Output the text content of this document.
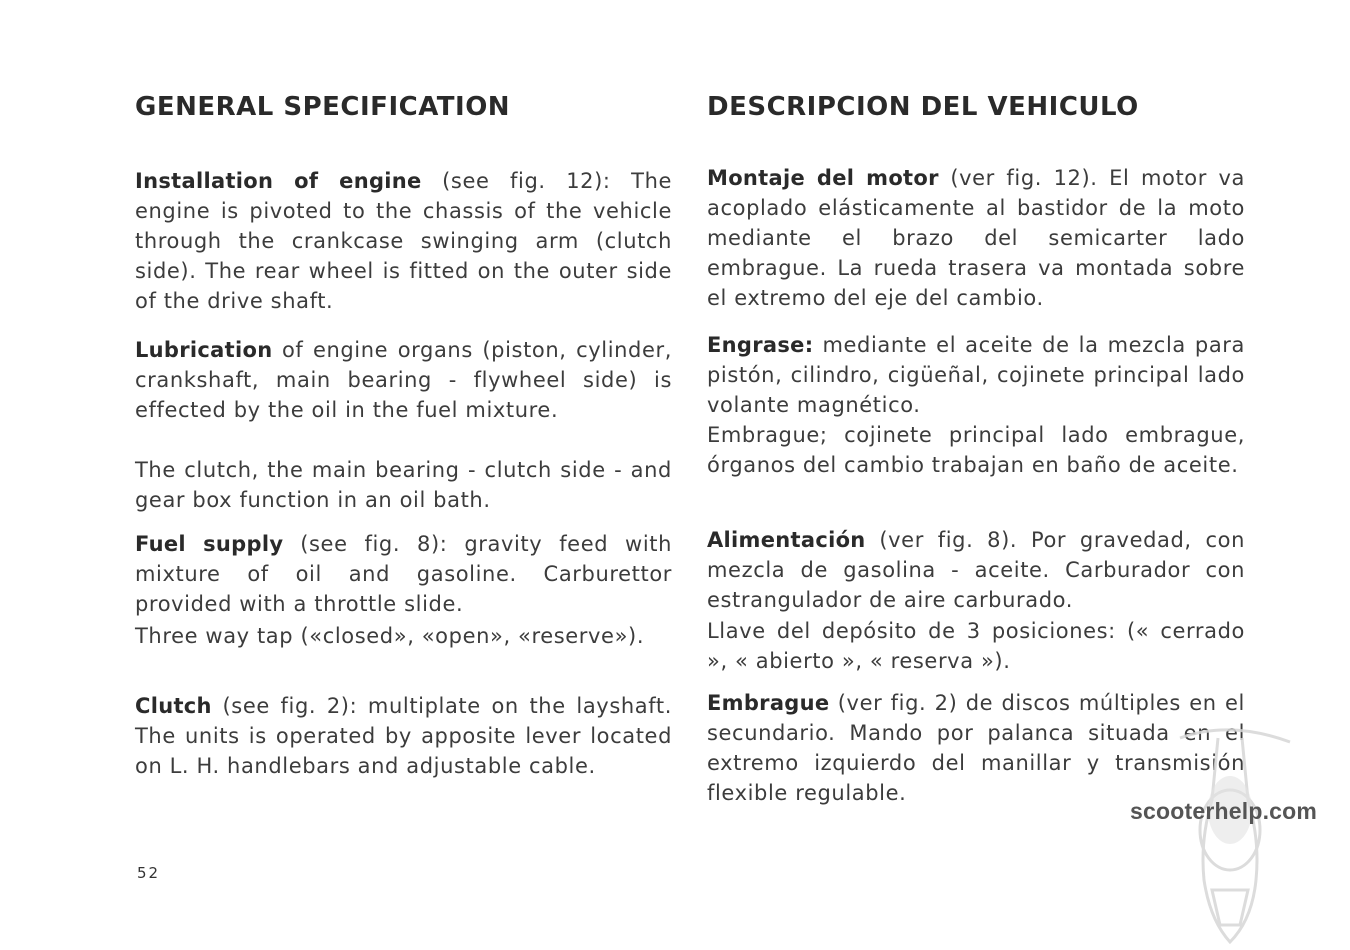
GENERAL SPECIFICATION

Installation of engine (see fig. 12): The engine is pivoted to the chassis of the vehicle through the crankcase swinging arm (clutch side). The rear wheel is fitted on the outer side of the drive shaft.

Lubrication of engine organs (piston, cylinder, crankshaft, main bearing - flywheel side) is effected by the oil in the fuel mixture.

The clutch, the main bearing - clutch side - and gear box function in an oil bath.

Fuel supply (see fig. 8): gravity feed with mixture of oil and gasoline. Carburettor provided with a throttle slide.

Three way tap («closed», «open», «reserve»).

Clutch (see fig. 2): multiplate on the layshaft. The units is operated by apposite lever located on L. H. handlebars and adjustable cable.

DESCRIPCION DEL VEHICULO

Montaje del motor (ver fig. 12). El motor va acoplado elásticamente al bastidor de la moto mediante el brazo del semicarter lado embrague. La rueda trasera va montada sobre el extremo del eje del cambio.

Engrase: mediante el aceite de la mezcla para pistón, cilindro, cigüeñal, cojinete principal lado volante magnético.

Embrague; cojinete principal lado embrague, órganos del cambio trabajan en baño de aceite.

Alimentación (ver fig. 8). Por gravedad, con mezcla de gasolina - aceite. Carburador con estrangulador de aire carburado.

Llave del depósito de 3 posiciones: (« cerrado », « abierto », « reserva »).

Embrague (ver fig. 2) de discos múltiples en el secundario. Mando por palanca situada en el extremo izquierdo del manillar y transmisión flexible regulable.

52
scooterhelp.com
